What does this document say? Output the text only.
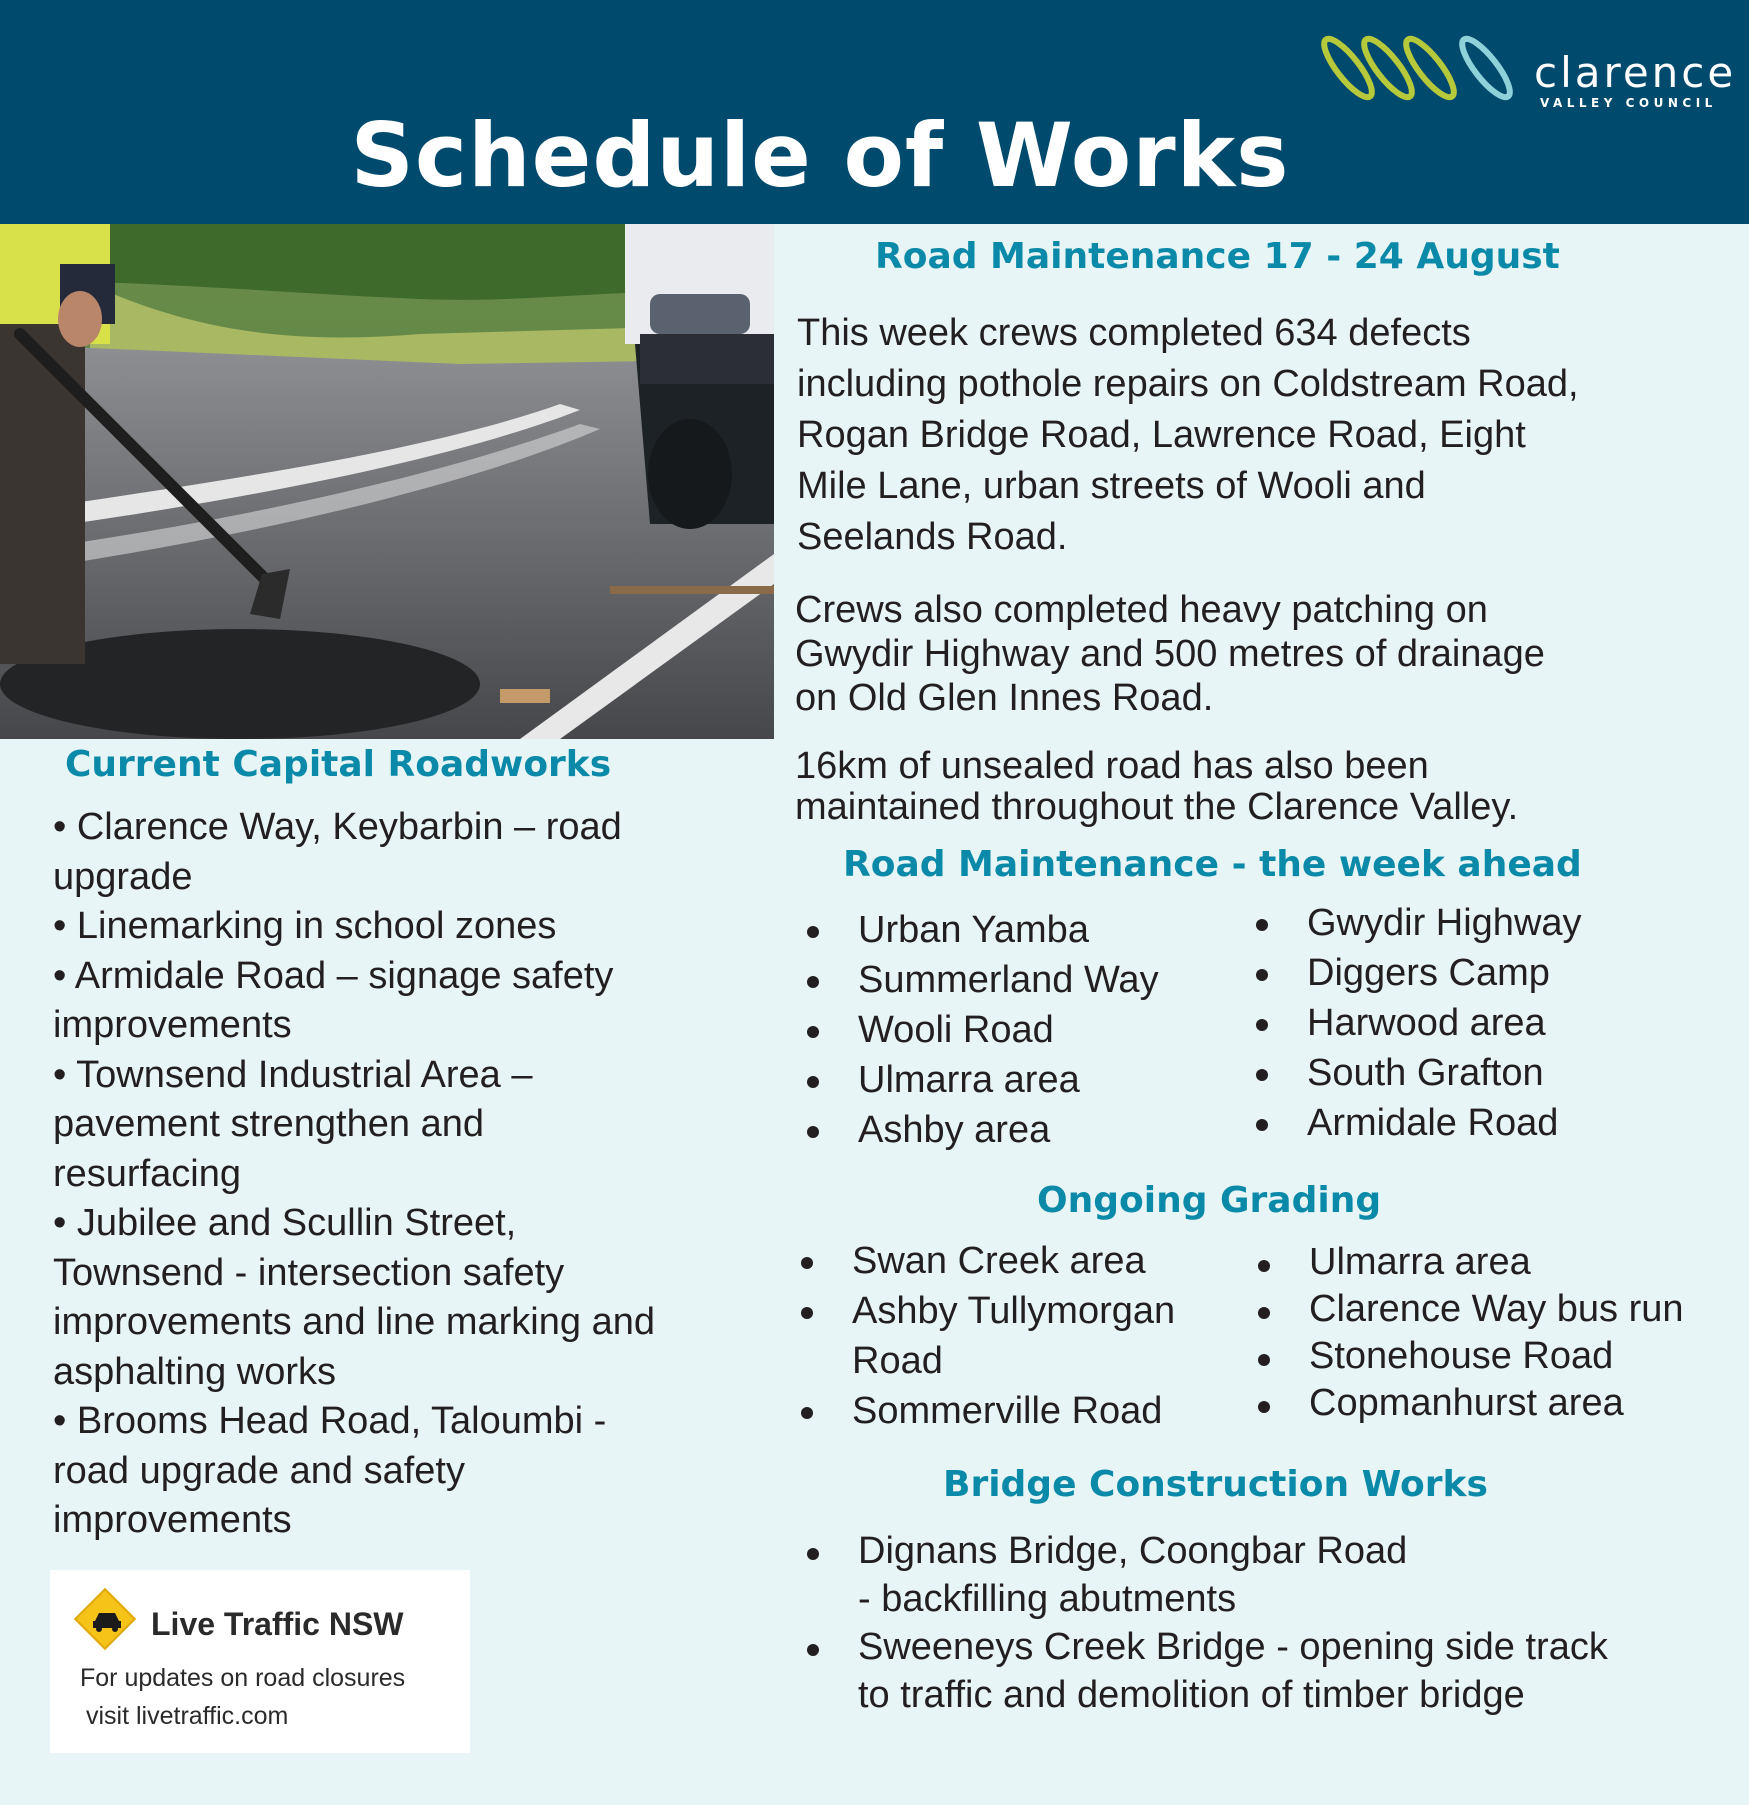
clarence
VALLEY COUNCIL
Schedule of Works
Road Maintenance 17 - 24 August
This week crews completed 634 defects
including pothole repairs on Coldstream Road,
Rogan Bridge Road, Lawrence Road, Eight
Mile Lane, urban streets of Wooli and
Seelands Road.
Crews also completed heavy patching on
Gwydir Highway and 500 metres of drainage
on Old Glen Innes Road.
16km of unsealed road has also been
maintained throughout the Clarence Valley.
Current Capital Roadworks
• Clarence Way, Keybarbin – road
upgrade
• Linemarking in school zones
• Armidale Road – signage safety
improvements
• Townsend Industrial Area –
pavement strengthen and
resurfacing
• Jubilee and Scullin Street,
Townsend - intersection safety
improvements and line marking and
asphalting works
• Brooms Head Road, Taloumbi -
road upgrade and safety
improvements
Road Maintenance - the week ahead
Urban Yamba
Summerland Way
Wooli Road
Ulmarra area
Ashby area
Gwydir Highway
Diggers Camp
Harwood area
South Grafton
Armidale Road
Ongoing Grading
Swan Creek area
Ashby Tullymorgan
Road
Sommerville Road
Ulmarra area
Clarence Way bus run
Stonehouse Road
Copmanhurst area
Bridge Construction Works
Dignans Bridge, Coongbar Road
- backfilling abutments
Sweeneys Creek Bridge - opening side track
to traffic and demolition of timber bridge
Live Traffic NSW
For updates on road closures
visit livetraffic.com
